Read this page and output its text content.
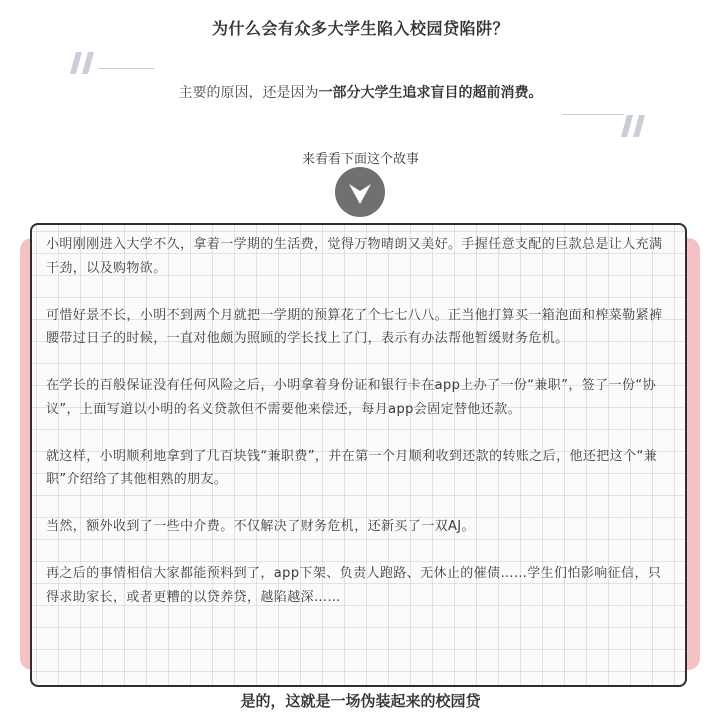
为什么会有众多大学生陷入校园贷陷阱？
主要的原因，还是因为一部分大学生追求盲目的超前消费。
来看看下面这个故事

小明刚刚进入大学不久，拿着一学期的生活费，觉得万物晴朗又美好。手握任意支配的巨款总是让人充满干劲，以及购物欲。

可惜好景不长，小明不到两个月就把一学期的预算花了个七七八八。正当他打算买一箱泡面和榨菜勒紧裤腰带过日子的时候，一直对他颇为照顾的学长找上了门，表示有办法帮他暂缓财务危机。

在学长的百般保证没有任何风险之后，小明拿着身份证和银行卡在app上办了一份“兼职”，签了一份“协议”，上面写道以小明的名义贷款但不需要他来偿还，每月app会固定替他还款。

就这样，小明顺利地拿到了几百块钱“兼职费”，并在第一个月顺利收到还款的转账之后，他还把这个“兼职”介绍给了其他相熟的朋友。

当然，额外收到了一些中介费。不仅解决了财务危机，还新买了一双AJ。

再之后的事情相信大家都能预料到了，app下架、负责人跑路、无休止的催债……学生们怕影响征信，只得求助家长，或者更糟的以贷养贷，越陷越深……

是的，这就是一场伪装起来的校园贷
